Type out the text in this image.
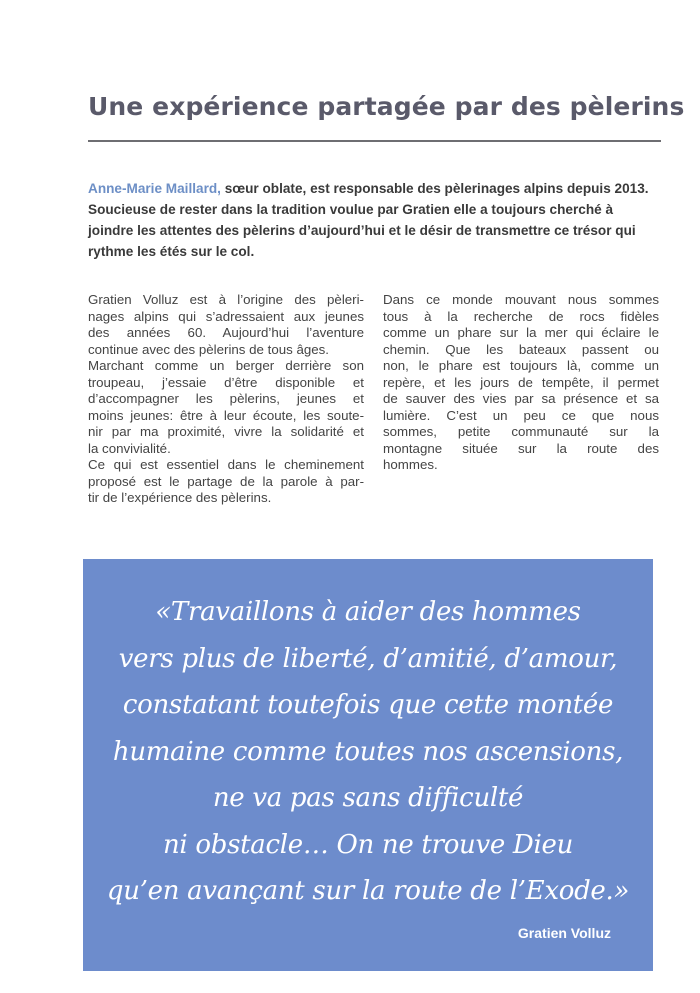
Une expérience partagée par des pèlerins
Anne-Marie Maillard, sœur oblate, est responsable des pèlerinages alpins depuis 2013.
Soucieuse de rester dans la tradition voulue par Gratien elle a toujours cherché à
joindre les attentes des pèlerins d’aujourd’hui et le désir de transmettre ce trésor qui
rythme les étés sur le col.
Gratien Volluz est à l’origine des pèleri-
nages alpins qui s’adressaient aux jeunes
des années 60. Aujourd’hui l’aventure
continue avec des pèlerins de tous âges.
Marchant comme un berger derrière son
troupeau, j’essaie d’être disponible et
d’accompagner les pèlerins, jeunes et
moins jeunes: être à leur écoute, les soute-
nir par ma proximité, vivre la solidarité et
la convivialité.
Ce qui est essentiel dans le cheminement
proposé est le partage de la parole à par-
tir de l’expérience des pèlerins.
Dans ce monde mouvant nous sommes
tous à la recherche de rocs fidèles
comme un phare sur la mer qui éclaire le
chemin. Que les bateaux passent ou
non, le phare est toujours là, comme un
repère, et les jours de tempête, il permet
de sauver des vies par sa présence et sa
lumière. C’est un peu ce que nous
sommes, petite communauté sur la
montagne située sur la route des
hommes.
«Travaillons à aider des hommes
vers plus de liberté, d’amitié, d’amour,
constatant toutefois que cette montée
humaine comme toutes nos ascensions,
ne va pas sans difficulté
ni obstacle… On ne trouve Dieu
qu’en avançant sur la route de l’Exode.»
Gratien Volluz
